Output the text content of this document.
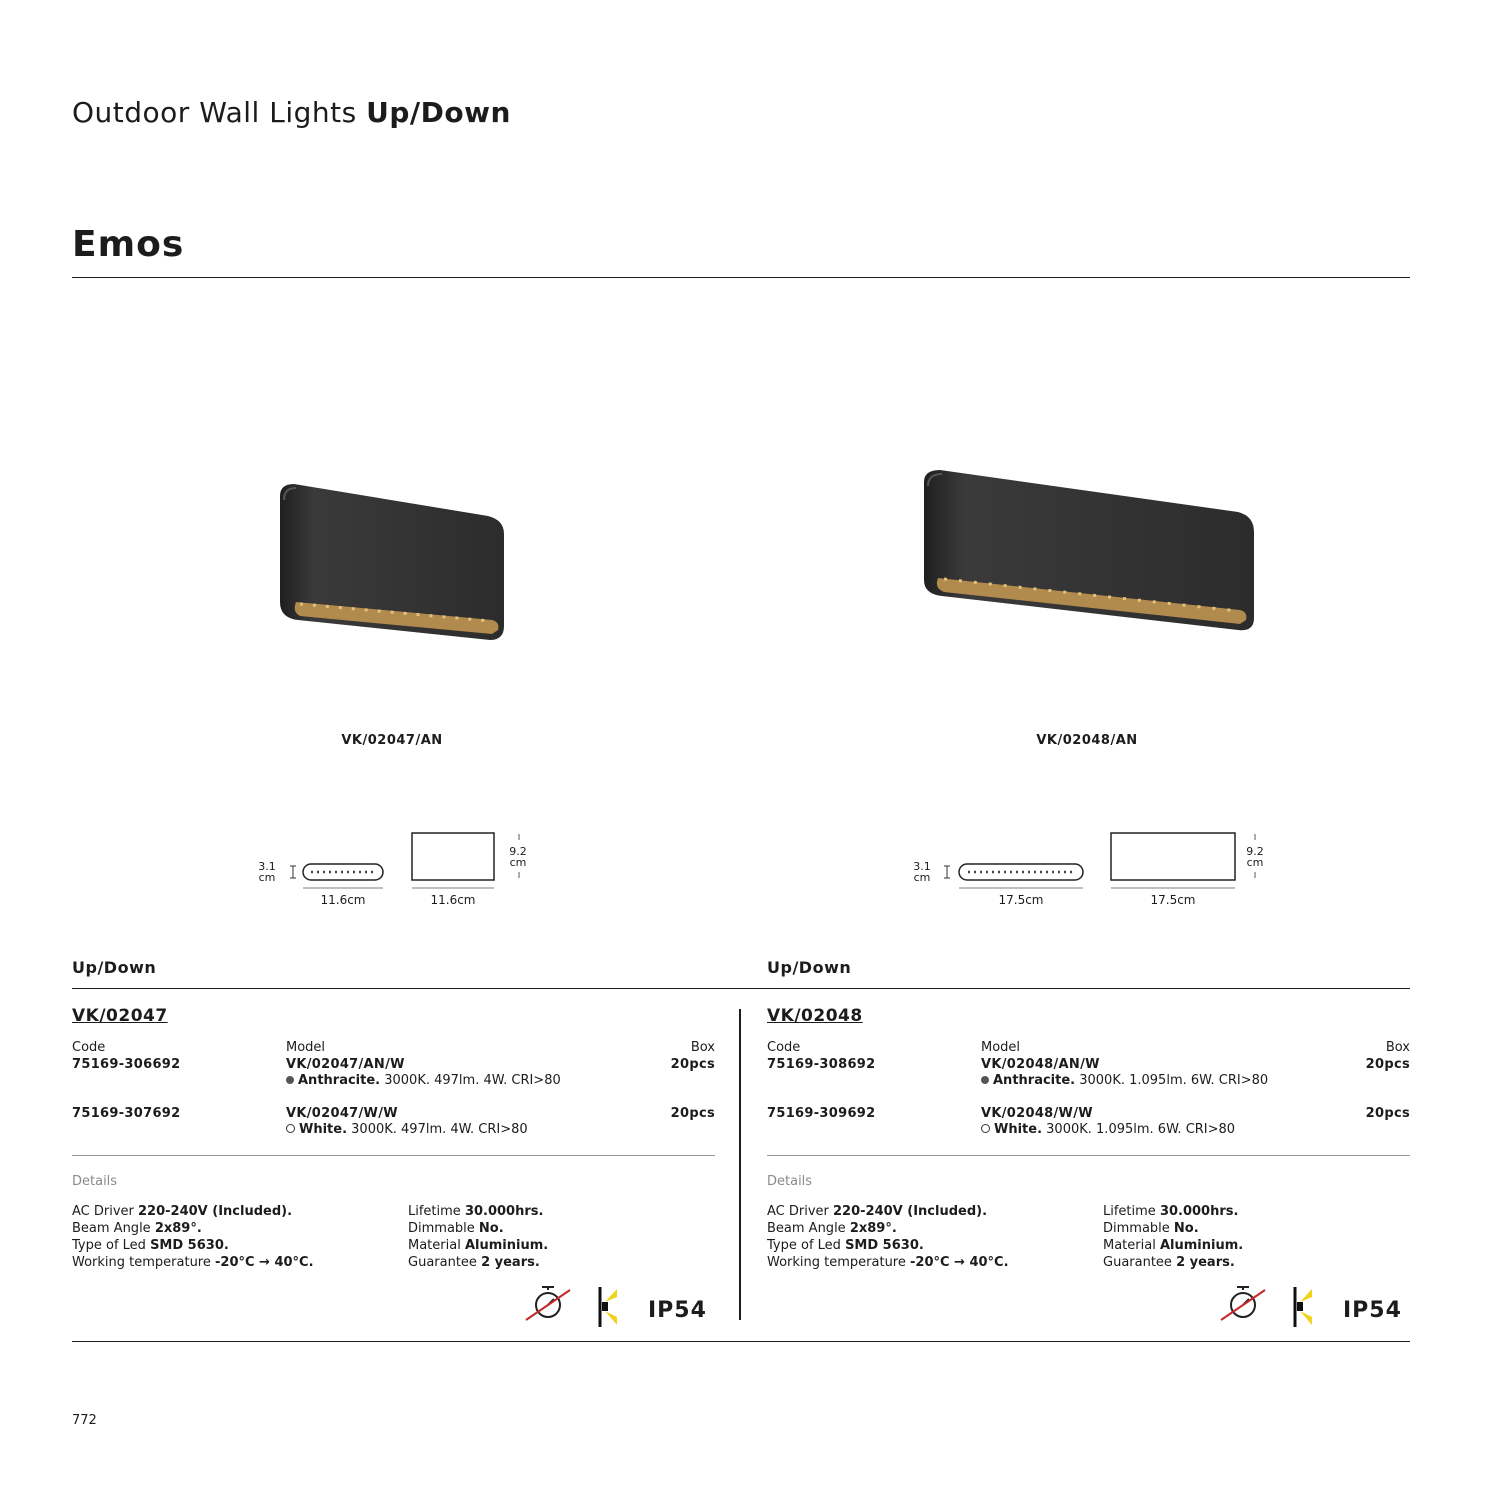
Outdoor Wall Lights Up/Down
Emos
VK/02047/AN
3.1
cm
9.2
cm
11.6cm	11.6cm
VK/02048/AN
3.1
cm
9.2
cm
17.5cm	17.5cm
Up/Down	Up/Down
VK/02047
Code	Model	Box
75169-306692	VK/02047/AN/W	20pcs
Anthracite. 3000K. 497lm. 4W. CRI>80
75169-307692	VK/02047/W/W	20pcs
White. 3000K. 497lm. 4W. CRI>80
Details
AC Driver 220-240V (Included).
Beam Angle 2x89°.
Type of Led SMD 5630.
Working temperature -20°C → 40°C.
Lifetime 30.000hrs.
Dimmable No.
Material Aluminium.
Guarantee 2 years.
IP54
VK/02048
Code	Model	Box
75169-308692	VK/02048/AN/W	20pcs
Anthracite. 3000K. 1.095lm. 6W. CRI>80
75169-309692	VK/02048/W/W	20pcs
White. 3000K. 1.095lm. 6W. CRI>80
Details
AC Driver 220-240V (Included).
Beam Angle 2x89°.
Type of Led SMD 5630.
Working temperature -20°C → 40°C.
Lifetime 30.000hrs.
Dimmable No.
Material Aluminium.
Guarantee 2 years.
IP54
772
